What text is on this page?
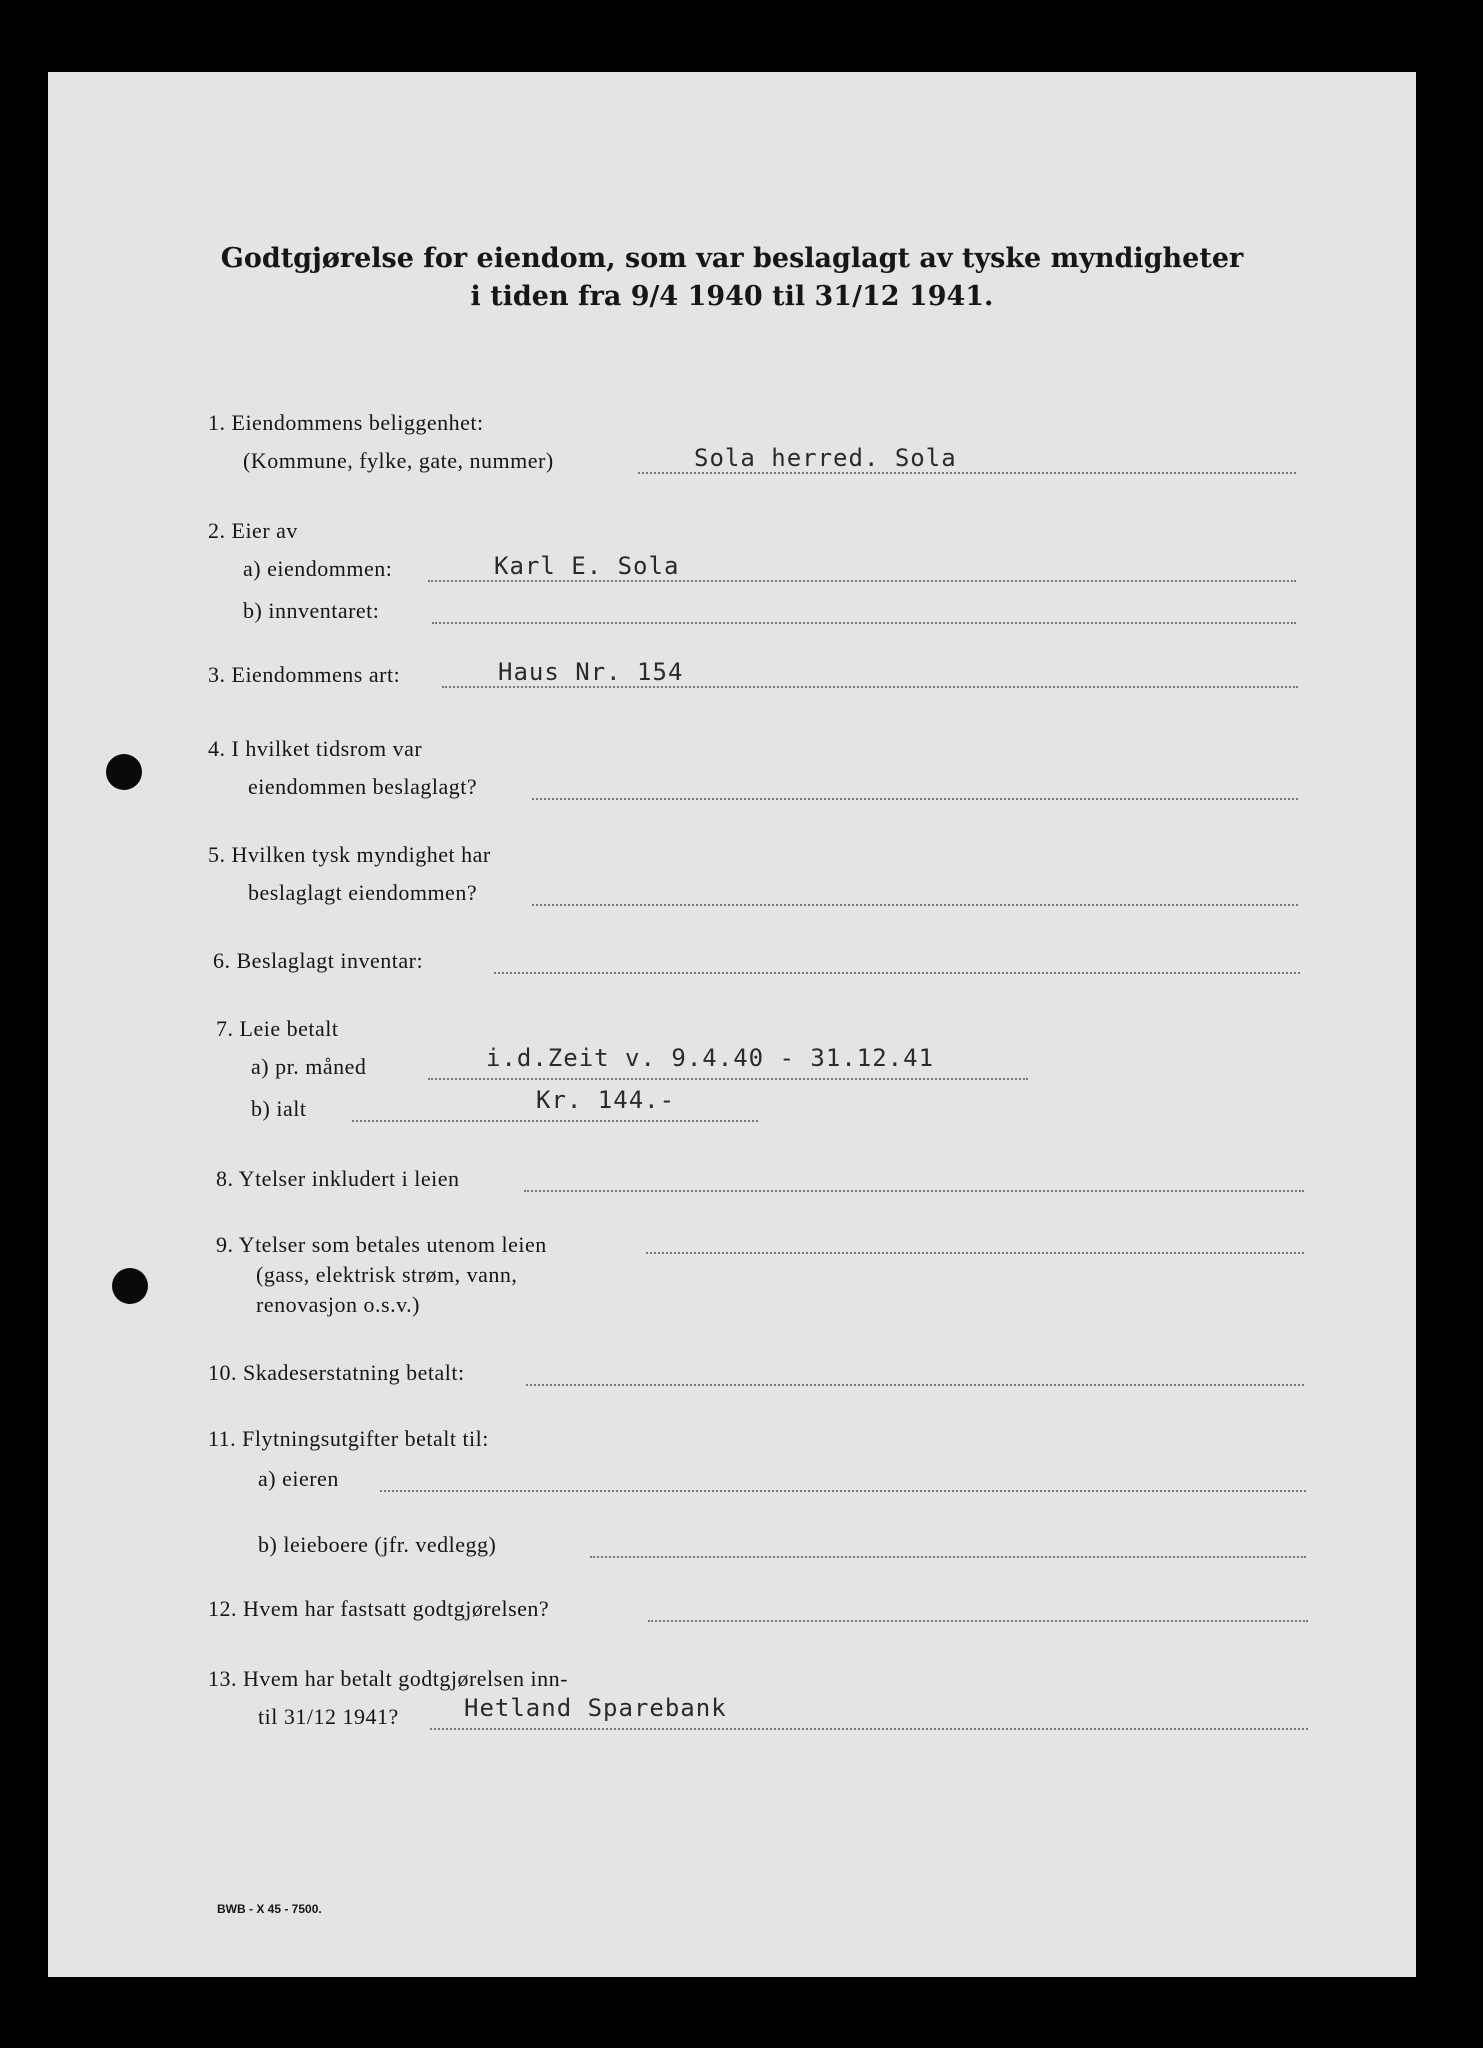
Godtgjørelse for eiendom, som var beslaglagt av tyske myndigheter
i tiden fra 9/4 1940 til 31/12 1941.
1. Eiendommens beliggenhet:
(Kommune, fylke, gate, nummer)	Sola herred. Sola
2. Eier av
a) eiendommen:	Karl E. Sola
b) innventaret:
3. Eiendommens art:	Haus Nr. 154
4. I hvilket tidsrom var
eiendommen beslaglagt?
5. Hvilken tysk myndighet har
beslaglagt eiendommen?
6. Beslaglagt inventar:
7. Leie betalt
a) pr. måned	i.d.Zeit v. 9.4.40 - 31.12.41
b) ialt	Kr. 144.-
8. Ytelser inkludert i leien
9. Ytelser som betales utenom leien
(gass, elektrisk strøm, vann,
renovasjon o.s.v.)
10. Skadeserstatning betalt:
11. Flytningsutgifter betalt til:
a) eieren
b) leieboere (jfr. vedlegg)
12. Hvem har fastsatt godtgjørelsen?
13. Hvem har betalt godtgjørelsen inn-
til 31/12 1941?	Hetland Sparebank
BWB - X 45 - 7500.
